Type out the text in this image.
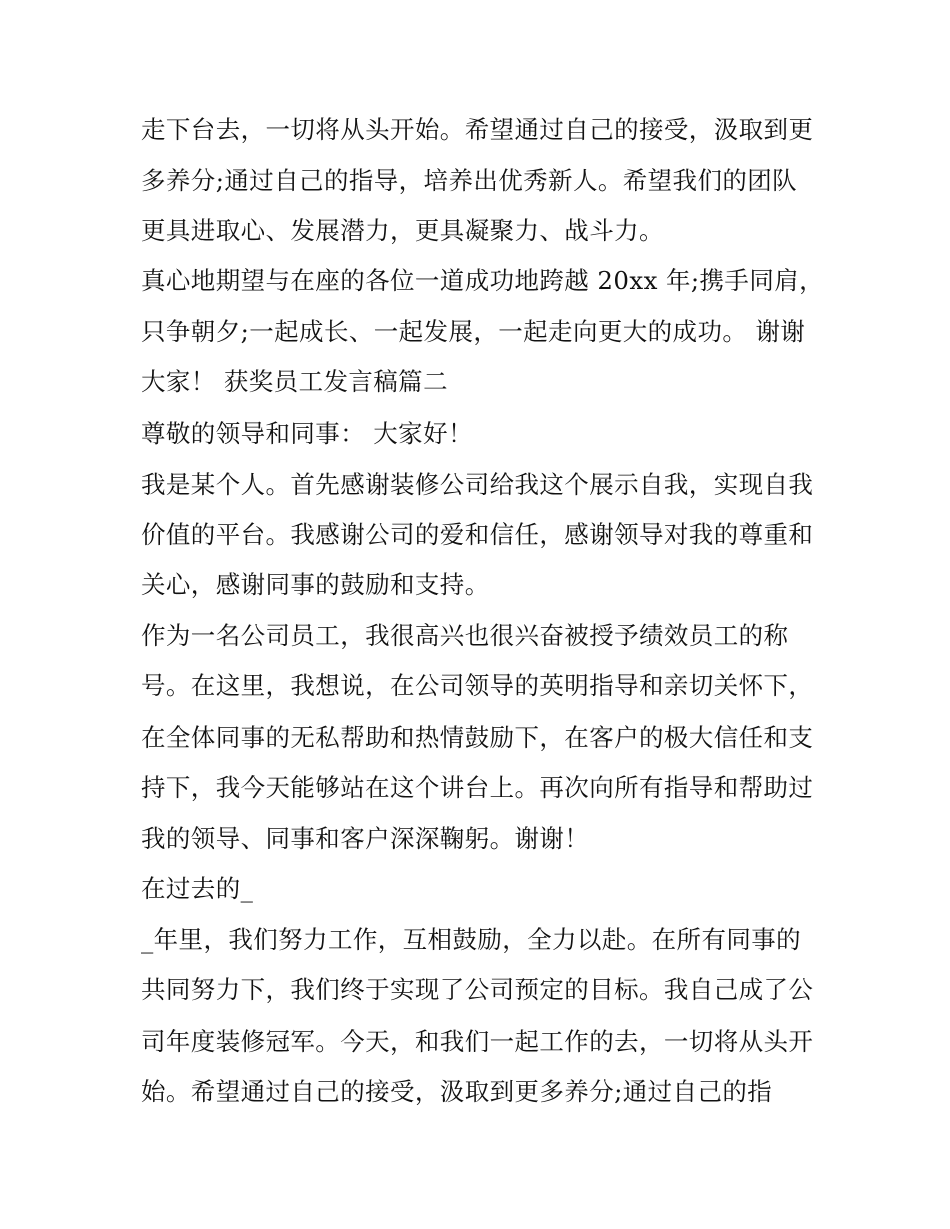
走下台去，一切将从头开始。希望通过自己的接受，汲取到更
多养分;通过自己的指导，培养出优秀新人。希望我们的团队
更具进取心、发展潜力，更具凝聚力、战斗力。
真心地期望与在座的各位一道成功地跨越 20xx 年;携手同肩，
只争朝夕;一起成长、一起发展，一起走向更大的成功。 谢谢
大家！ 获奖员工发言稿篇二
尊敬的领导和同事： 大家好！
我是某个人。首先感谢装修公司给我这个展示自我，实现自我
价值的平台。我感谢公司的爱和信任，感谢领导对我的尊重和
关心，感谢同事的鼓励和支持。
作为一名公司员工，我很高兴也很兴奋被授予绩效员工的称
号。在这里，我想说，在公司领导的英明指导和亲切关怀下，
在全体同事的无私帮助和热情鼓励下，在客户的极大信任和支
持下，我今天能够站在这个讲台上。再次向所有指导和帮助过
我的领导、同事和客户深深鞠躬。谢谢！
在过去的_
_年里，我们努力工作，互相鼓励，全力以赴。在所有同事的
共同努力下，我们终于实现了公司预定的目标。我自己成了公
司年度装修冠军。今天，和我们一起工作的去，一切将从头开
始。希望通过自己的接受，汲取到更多养分;通过自己的指
